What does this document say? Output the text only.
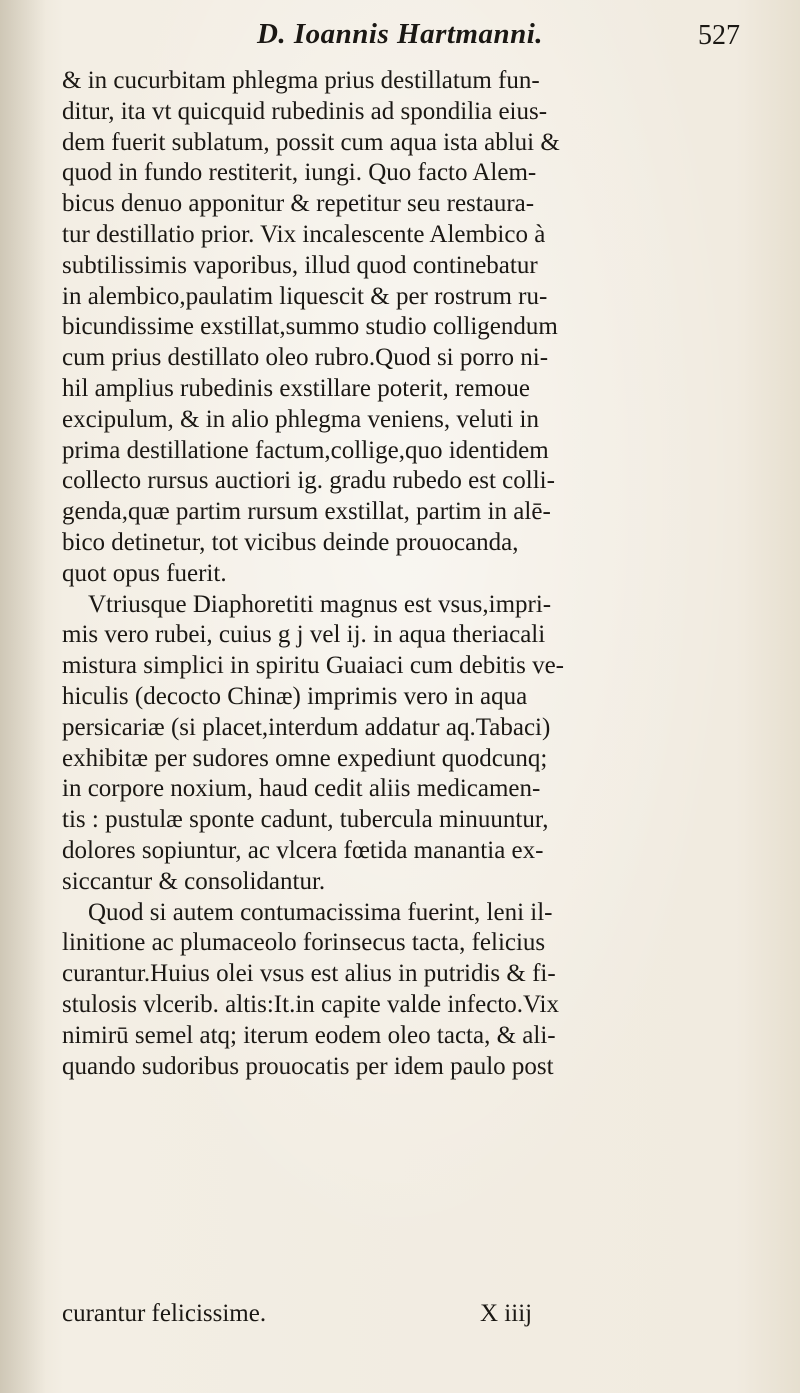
D. Ioannis Hartmanni.	527
& in cucurbitam phlegma prius destillatum fun-
ditur, ita vt quicquid rubedinis ad spondilia eius-
dem fuerit sublatum, possit cum aqua ista ablui &
quod in fundo restiterit, iungi. Quo facto Alem-
bicus denuo apponitur & repetitur seu restaura-
tur destillatio prior. Vix incalescente Alembico à
subtilissimis vaporibus, illud quod continebatur
in alembico,paulatim liquescit & per rostrum ru-
bicundissime exstillat,summo studio colligendum
cum prius destillato oleo rubro.Quod si porro ni-
hil amplius rubedinis exstillare poterit, remoue
excipulum, & in alio phlegma veniens, veluti in
prima destillatione factum,collige,quo identidem
collecto rursus auctiori ig. gradu rubedo est colli-
genda,quæ partim rursum exstillat, partim in alē-
bico detinetur, tot vicibus deinde prouocanda,
quot opus fuerit.
Vtriusque Diaphoretiti magnus est vsus,impri-
mis vero rubei, cuius g j vel ij. in aqua theriacali
mistura simplici in spiritu Guaiaci cum debitis ve-
hiculis (decocto Chinæ) imprimis vero in aqua
persicariæ (si placet,interdum addatur aq.Tabaci)
exhibitæ per sudores omne expediunt quodcunq;
in corpore noxium, haud cedit aliis medicamen-
tis : pustulæ sponte cadunt, tubercula minuuntur,
dolores sopiuntur, ac vlcera fœtida manantia ex-
siccantur & consolidantur.
Quod si autem contumacissima fuerint, leni il-
linitione ac plumaceolo forinsecus tacta, felicius
curantur.Huius olei vsus est alius in putridis & fi-
stulosis vlcerib. altis:It.in capite valde infecto.Vix
nimirū semel atq; iterum eodem oleo tacta, & ali-
quando sudoribus prouocatis per idem paulo post
curantur felicissime.	X iiij
